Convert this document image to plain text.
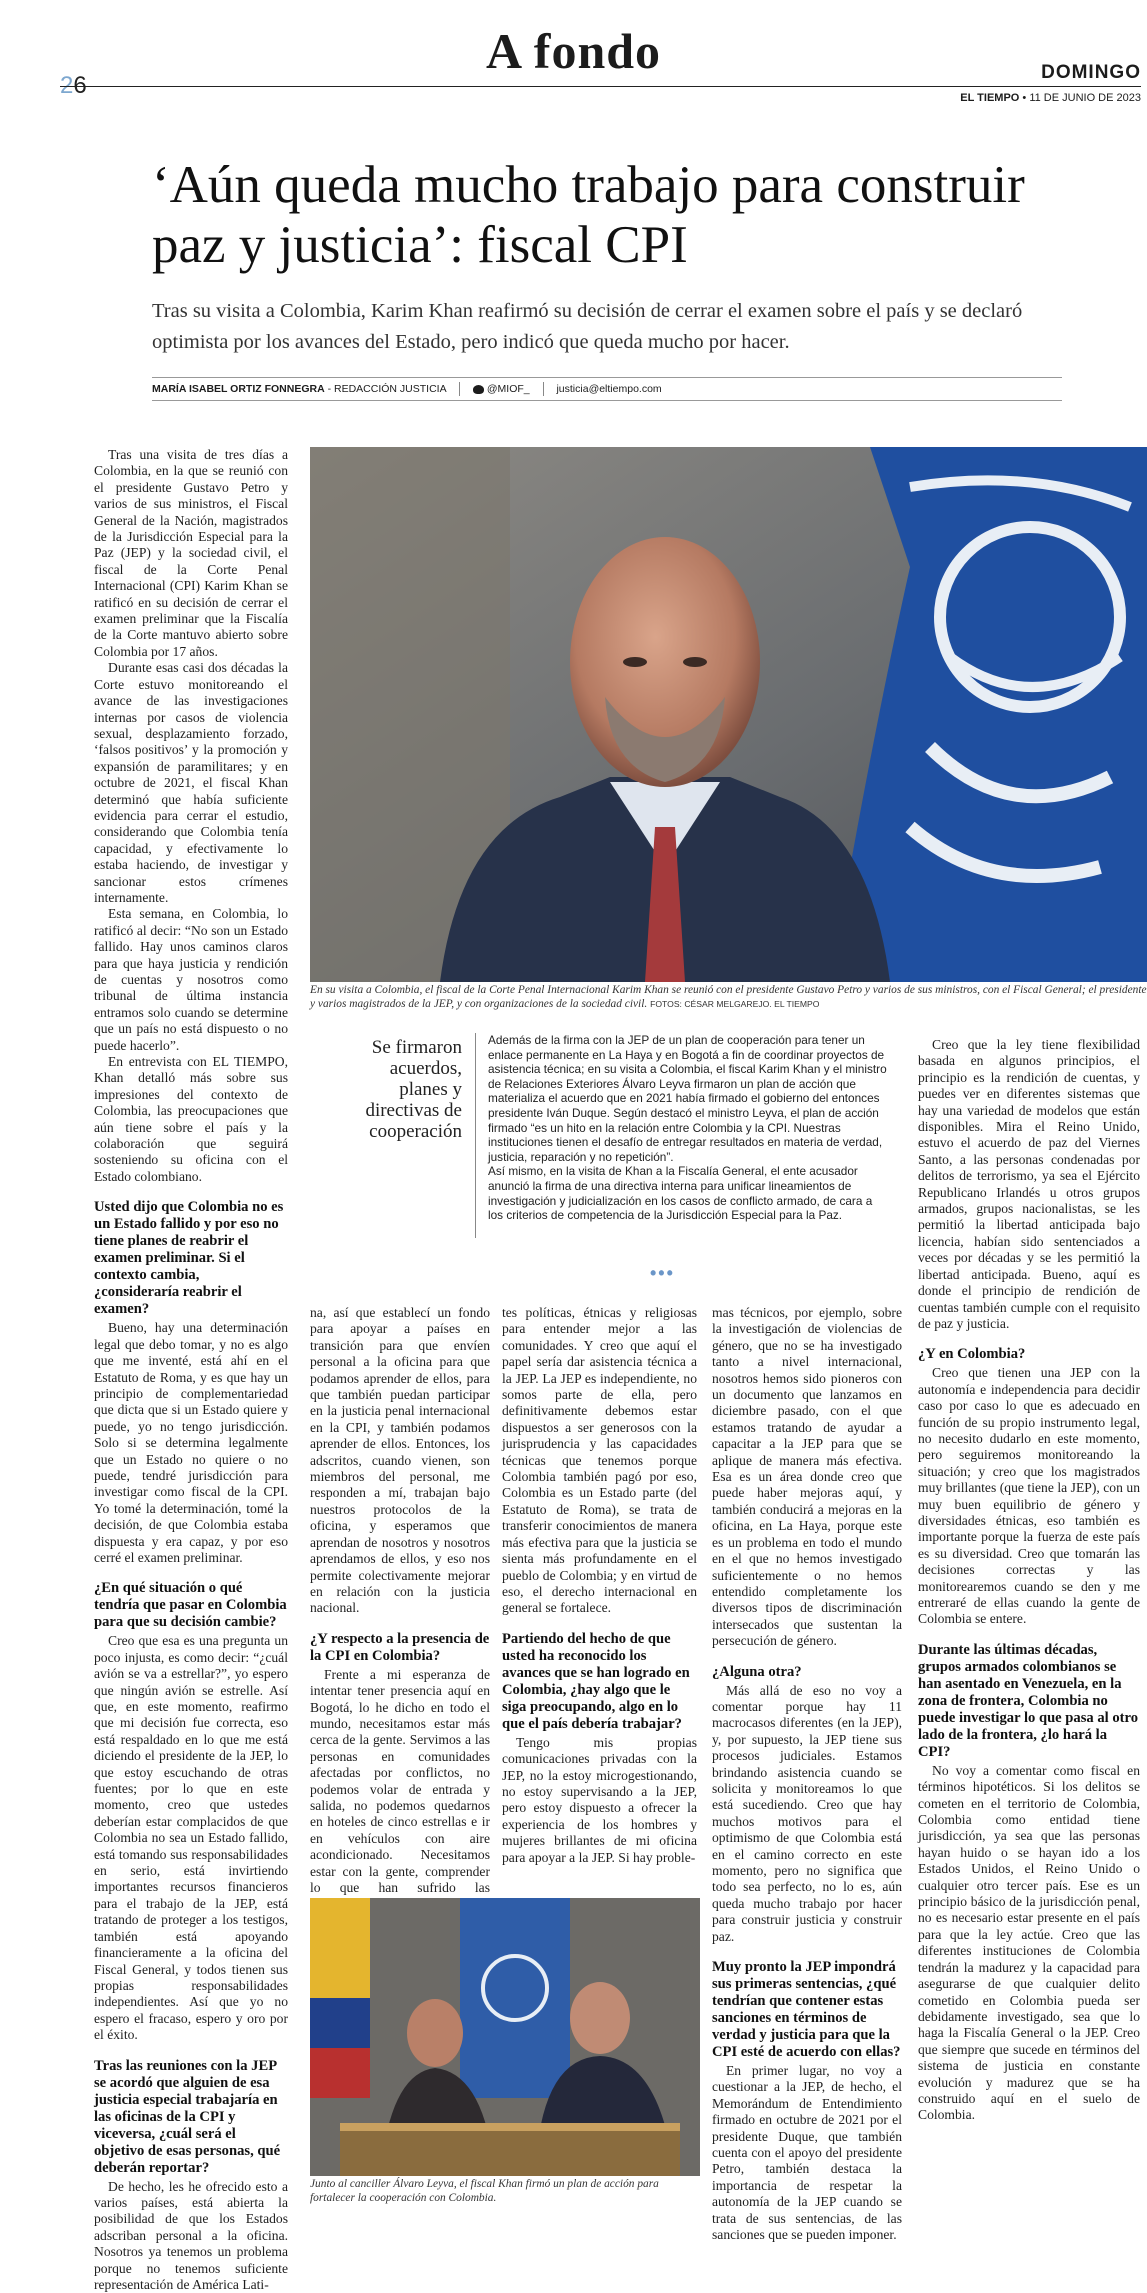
26
A fondo	DOMINGO
EL TIEMPO • 11 DE JUNIO DE 2023
‘Aún queda mucho trabajo para construir paz y justicia’: fiscal CPI

Tras su visita a Colombia, Karim Khan reafirmó su decisión de cerrar el examen sobre el país y se declaró optimista por los avances del Estado, pero indicó que queda mucho por hacer.

MARÍA ISABEL ORTIZ FONNEGRA - REDACCIÓN JUSTICIA	@MIOF_	justicia@eltiempo.com

Tras una visita de tres días a Colombia, en la que se reunió con el presidente Gustavo Petro y varios de sus ministros, el Fiscal General de la Nación, magistrados de la Jurisdicción Especial para la Paz (JEP) y la sociedad civil, el fiscal de la Corte Penal Internacional (CPI) Karim Khan se ratificó en su decisión de cerrar el examen preliminar que la Fiscalía de la Corte mantuvo abierto sobre Colombia por 17 años.

Durante esas casi dos décadas la Corte estuvo monitoreando el avance de las investigaciones internas por casos de violencia sexual, desplazamiento forzado, ‘falsos positivos’ y la promoción y expansión de paramilitares; y en octubre de 2021, el fiscal Khan determinó que había suficiente evidencia para cerrar el estudio, considerando que Colombia tenía capacidad, y efectivamente lo estaba haciendo, de investigar y sancionar estos crímenes internamente.

Esta semana, en Colombia, lo ratificó al decir: “No son un Estado fallido. Hay unos caminos claros para que haya justicia y rendición de cuentas y nosotros como tribunal de última instancia entramos solo cuando se determine que un país no está dispuesto o no puede hacerlo”.

En entrevista con EL TIEMPO, Khan detalló más sobre sus impresiones del contexto de Colombia, las preocupaciones que aún tiene sobre el país y la colaboración que seguirá sosteniendo su oficina con el Estado colombiano.

Usted dijo que Colombia no es un Estado fallido y por eso no tiene planes de reabrir el examen preliminar. Si el contexto cambia, ¿consideraría reabrir el examen?

Bueno, hay una determinación legal que debo tomar, y no es algo que me inventé, está ahí en el Estatuto de Roma, y es que hay un principio de complementariedad que dicta que si un Estado quiere y puede, yo no tengo jurisdicción. Solo si se determina legalmente que un Estado no quiere o no puede, tendré jurisdicción para investigar como fiscal de la CPI. Yo tomé la determinación, tomé la decisión, de que Colombia estaba dispuesta y era capaz, y por eso cerré el examen preliminar.

¿En qué situación o qué tendría que pasar en Colombia para que su decisión cambie?

Creo que esa es una pregunta un poco injusta, es como decir: “¿cuál avión se va a estrellar?”, yo espero que ningún avión se estrelle. Así que, en este momento, reafirmo que mi decisión fue correcta, eso está respaldado en lo que me está diciendo el presidente de la JEP, lo que estoy escuchando de otras fuentes; por lo que en este momento, creo que ustedes deberían estar complacidos de que Colombia no sea un Estado fallido, está tomando sus responsabilidades en serio, está invirtiendo importantes recursos financieros para el trabajo de la JEP, está tratando de proteger a los testigos, también está apoyando financieramente a la oficina del Fiscal General, y todos tienen sus propias responsabilidades independientes. Así que yo no espero el fracaso, espero y oro por el éxito.

Tras las reuniones con la JEP se acordó que alguien de esa justicia especial trabajaría en las oficinas de la CPI y viceversa, ¿cuál será el objetivo de esas personas, qué deberán reportar?

De hecho, les he ofrecido esto a varios países, está abierta la posibilidad de que los Estados adscriban personal a la oficina. Nosotros ya tenemos un problema porque no tenemos suficiente representación de América Lati-

En su visita a Colombia, el fiscal de la Corte Penal Internacional Karim Khan se reunió con el presidente Gustavo Petro y varios de sus ministros, con el Fiscal General; el presidente y varios magistrados de la JEP, y con organizaciones de la sociedad civil. FOTOS: CÉSAR MELGAREJO. EL TIEMPO
Se firmaron acuerdos, planes y directivas de cooperación

Además de la firma con la JEP de un plan de cooperación para tener un enlace permanente en La Haya y en Bogotá a fin de coordinar proyectos de asistencia técnica; en su visita a Colombia, el fiscal Karim Khan y el ministro de Relaciones Exteriores Álvaro Leyva firmaron un plan de acción que materializa el acuerdo que en 2021 había firmado el gobierno del entonces presidente Iván Duque. Según destacó el ministro Leyva, el plan de acción firmado “es un hito en la relación entre Colombia y la CPI. Nuestras instituciones tienen el desafío de entregar resultados en materia de verdad, justicia, reparación y no repetición”.

Así mismo, en la visita de Khan a la Fiscalía General, el ente acusador anunció la firma de una directiva interna para unificar lineamientos de investigación y judicialización en los casos de conflicto armado, de cara a los criterios de competencia de la Jurisdicción Especial para la Paz.

•••

na, así que establecí un fondo para apoyar a países en transición para que envíen personal a la oficina para que podamos aprender de ellos, para que también puedan participar en la justicia penal internacional en la CPI, y también podamos aprender de ellos. Entonces, los adscritos, cuando vienen, son miembros del personal, me responden a mí, trabajan bajo nuestros protocolos de la oficina, y esperamos que aprendan de nosotros y nosotros aprendamos de ellos, y eso nos permite colectivamente mejorar en relación con la justicia nacional.

¿Y respecto a la presencia de la CPI en Colombia?

Frente a mi esperanza de intentar tener presencia aquí en Bogotá, lo he dicho en todo el mundo, necesitamos estar más cerca de la gente. Servimos a las personas en comunidades afectadas por conflictos, no podemos volar de entrada y salida, no podemos quedarnos en hoteles de cinco estrellas e ir en vehículos con aire acondicionado. Necesitamos estar con la gente, comprender lo que han sufrido las

tes políticas, étnicas y religiosas para entender mejor a las comunidades. Y creo que aquí el papel sería dar asistencia técnica a la JEP. La JEP es independiente, no somos parte de ella, pero definitivamente debemos estar dispuestos a ser generosos con la jurisprudencia y las capacidades técnicas que tenemos porque Colombia también pagó por eso, Colombia es un Estado parte (del Estatuto de Roma), se trata de transferir conocimientos de manera más efectiva para que la justicia se sienta más profundamente en el pueblo de Colombia; y en virtud de eso, el derecho internacional en general se fortalece.

Partiendo del hecho de que usted ha reconocido los avances que se han logrado en Colombia, ¿hay algo que le siga preocupando, algo en lo que el país debería trabajar?

Tengo mis propias comunicaciones privadas con la JEP, no la estoy microgestionando, no estoy supervisando a la JEP, pero estoy dispuesto a ofrecer la experiencia de los hombres y mujeres brillantes de mi oficina para apoyar a la JEP. Si hay proble-

mas técnicos, por ejemplo, sobre la investigación de violencias de género, que no se ha investigado tanto a nivel internacional, nosotros hemos sido pioneros con un documento que lanzamos en diciembre pasado, con el que estamos tratando de ayudar a capacitar a la JEP para que se aplique de manera más efectiva. Esa es un área donde creo que puede haber mejoras aquí, y también conducirá a mejoras en la oficina, en La Haya, porque este es un problema en todo el mundo en el que no hemos investigado suficientemente o no hemos entendido completamente los diversos tipos de discriminación intersecados que sustentan la persecución de género.

¿Alguna otra?

Más allá de eso no voy a comentar porque hay 11 macrocasos diferentes (en la JEP), y, por supuesto, la JEP tiene sus procesos judiciales. Estamos brindando asistencia cuando se solicita y monitoreamos lo que está sucediendo. Creo que hay muchos motivos para el optimismo de que Colombia está en el camino correcto en este momento, pero no significa que todo sea perfecto, no lo es, aún queda mucho trabajo por hacer para construir justicia y construir paz.

Muy pronto la JEP impondrá sus primeras sentencias, ¿qué tendrían que contener estas sanciones en términos de verdad y justicia para que la CPI esté de acuerdo con ellas?

En primer lugar, no voy a cuestionar a la JEP, de hecho, el Memorándum de Entendimiento firmado en octubre de 2021 por el presidente Duque, que también cuenta con el apoyo del presidente Petro, también destaca la importancia de respetar la autonomía de la JEP cuando se trata de sus sentencias, de las sanciones que se pueden imponer.

Creo que la ley tiene flexibilidad basada en algunos principios, el principio es la rendición de cuentas, y puedes ver en diferentes sistemas que hay una variedad de modelos que están disponibles. Mira el Reino Unido, estuvo el acuerdo de paz del Viernes Santo, a las personas condenadas por delitos de terrorismo, ya sea el Ejército Republicano Irlandés u otros grupos armados, grupos nacionalistas, se les permitió la libertad anticipada bajo licencia, habían sido sentenciados a veces por décadas y se les permitió la libertad anticipada. Bueno, aquí es donde el principio de rendición de cuentas también cumple con el requisito de paz y justicia.

¿Y en Colombia?

Creo que tienen una JEP con la autonomía e independencia para decidir caso por caso lo que es adecuado en función de su propio instrumento legal, no necesito dudarlo en este momento, pero seguiremos monitoreando la situación; y creo que los magistrados muy brillantes (que tiene la JEP), con un muy buen equilibrio de género y diversidades étnicas, eso también es importante porque la fuerza de este país es su diversidad. Creo que tomarán las decisiones correctas y las monitorearemos cuando se den y me entreraré de ellas cuando la gente de Colombia se entere.

Durante las últimas décadas, grupos armados colombianos se han asentado en Venezuela, en la zona de frontera, Colombia no puede investigar lo que pasa al otro lado de la frontera, ¿lo hará la CPI?

No voy a comentar como fiscal en términos hipotéticos. Si los delitos se cometen en el territorio de Colombia, Colombia como entidad tiene jurisdicción, ya sea que las personas hayan huido o se hayan ido a los Estados Unidos, el Reino Unido o cualquier otro tercer país. Ese es un principio básico de la jurisdicción penal, no es necesario estar presente en el país para que la ley actúe. Creo que las diferentes instituciones de Colombia tendrán la madurez y la capacidad para asegurarse de que cualquier delito cometido en Colombia pueda ser debidamente investigado, sea que lo haga la Fiscalía General o la JEP. Creo que siempre que sucede en términos del sistema de justicia en constante evolución y madurez que se ha construido aquí en el suelo de Colombia.

Junto al canciller Álvaro Leyva, el fiscal Khan firmó un plan de acción para fortalecer la cooperación con Colombia.
